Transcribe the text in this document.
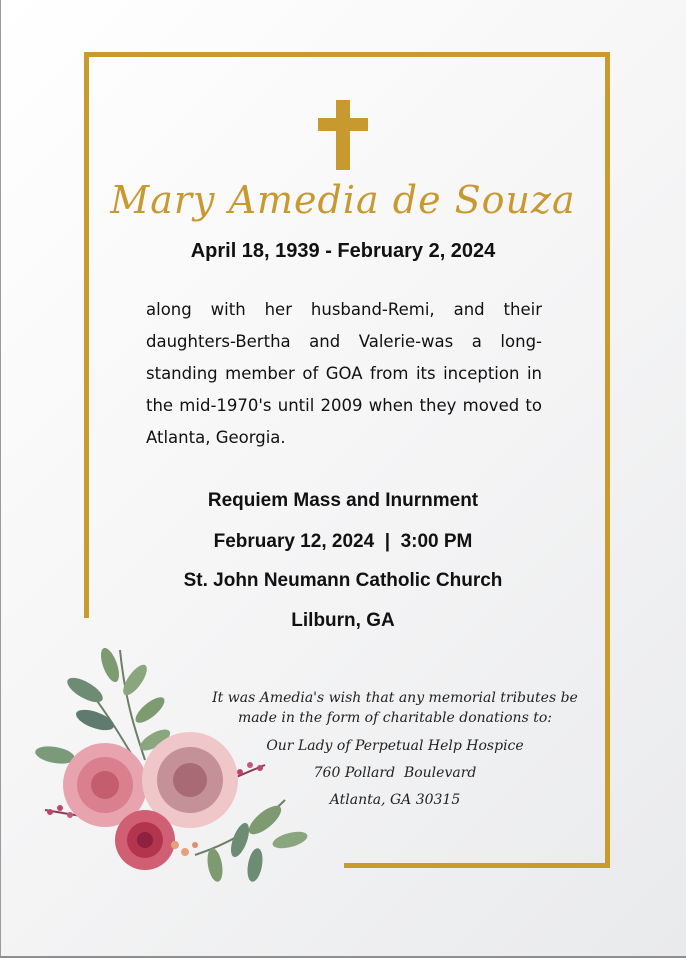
Mary Amedia de Souza
April 18, 1939 - February 2, 2024
along with her husband-Remi, and their daughters-Bertha and Valerie-was a long-standing member of GOA from its inception in the mid-1970's until 2009 when they moved to Atlanta, Georgia.
Requiem Mass and Inurnment
February 12, 2024  |  3:00 PM
St. John Neumann Catholic Church
Lilburn, GA
It was Amedia's wish that any memorial tributes be
made in the form of charitable donations to:
Our Lady of Perpetual Help Hospice
760 Pollard  Boulevard
Atlanta, GA 30315
